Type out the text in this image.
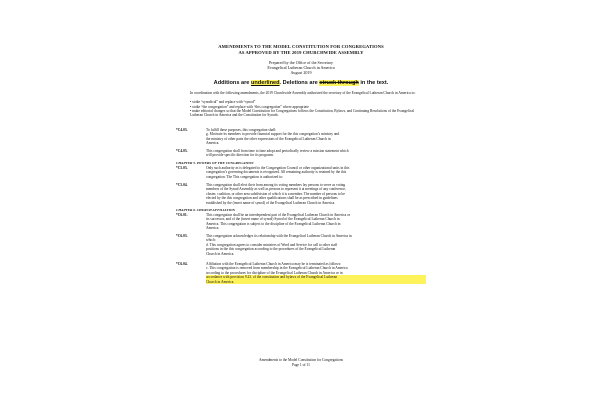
AMENDMENTS TO THE MODEL CONSTITUTION FOR CONGREGATIONS
AS APPROVED BY THE 2019 CHURCHWIDE ASSEMBLY
Prepared by the Office of the Secretary
Evangelical Lutheran Church in America
August 2019
Additions are underlined. Deletions are struck through in the text.
In coordination with the following amendments, the 2019 Churchwide Assembly authorized the secretary of the Evangelical Lutheran Church in America to:
• strike “synodical” and replace with “synod”
• strike “the congregation” and replace with “this congregation” where appropriate
• make editorial changes so that the Model Constitution for Congregations follows the Constitution, Bylaws, and Continuing Resolutions of the Evangelical Lutheran Church in America and the Constitution for Synods.
*C4.03.	To fulfill these purposes, this congregation shall:
g. Motivate its members to provide financial support for the this congregation’s ministry and
the ministry of other parts the other expressions of the Evangelical Lutheran Church in
America.
*C4.05.	This congregation shall from time to time adopt and periodically review a mission statement which
will provide specific direction for its programs.
CHAPTER 5. POWERS OF THE CONGREGATION
*C5.03.	Only such authority as is delegated to the Congregation Council or other organizational units in this
congregation’s governing documents is recognized. All remaining authority is retained by the this
congregation. The This congregation is authorized to:
*C5.04.	This congregation shall elect their from among its voting members lay persons to serve as voting
members of the Synod Assembly as well as persons to represent it at meetings of any conference,
cluster, coalition, or other area subdivision of which it is a member. The number of persons to be
elected by the this congregation and other qualifications shall be as prescribed in guidelines
established by the (insert name of synod) of the Evangelical Lutheran Church in America.
CHAPTER 6. CHURCH AFFILIATION
*C6.01.	This congregation shall be an interdependent part of the Evangelical Lutheran Church in America or
its successor, and of the (insert name of synod) Synod of the Evangelical Lutheran Church in
America. This congregation is subject to the discipline of the Evangelical Lutheran Church in
America.
*C6.03.	This congregation acknowledges its relationship with the Evangelical Lutheran Church in America in
which:
d. This congregation agrees to consider ministers of Word and Service for call to other staff
positions in the this congregation according to the procedures of the Evangelical Lutheran
Church in America.
*C6.04.	Affiliation with the Evangelical Lutheran Church in America may be is terminated as follows:
c. This congregation is removed from membership in the Evangelical Lutheran Church in America
according to the procedures for discipline of the Evangelical Lutheran Church in America or in
accordance with provision 9.23. of the constitution and bylaws of the Evangelical Lutheran
Church in America.
Amendments to the Model Constitution for Congregations
Page 1 of 11
